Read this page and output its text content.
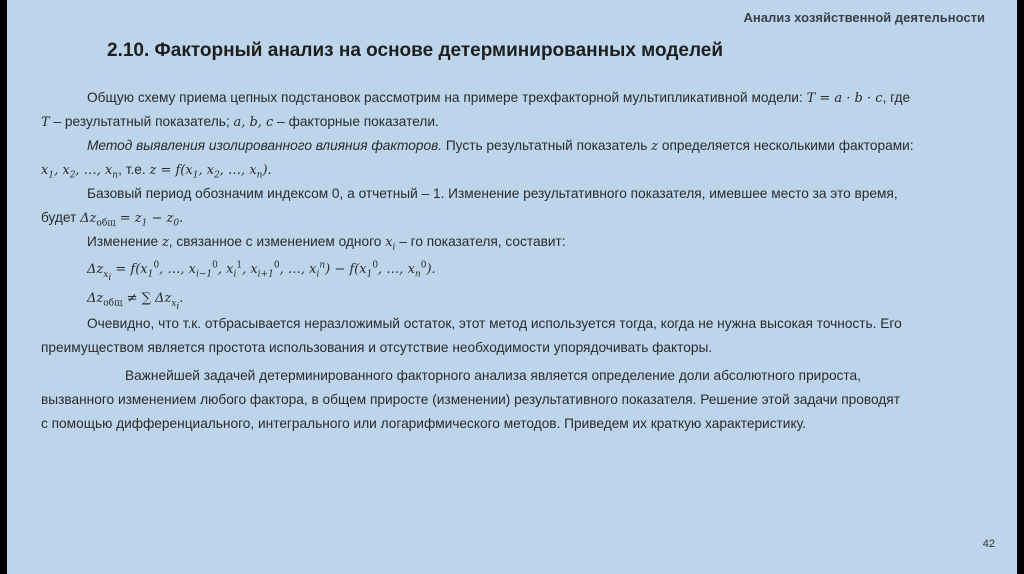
Анализ хозяйственной деятельности
2.10. Факторный анализ на основе детерминированных моделей
Общую схему приема цепных подстановок рассмотрим на примере трехфакторной мультипликативной модели: T = a · b · c, где
T – результатный показатель; a, b, c – факторные показатели.
Метод выявления изолированного влияния факторов. Пусть результатный показатель z определяется несколькими факторами:
$x_1$, $x_2$, …, $x_n$, т.е. $z = f(x_1$, $x_2$, …, $x_n$).
Базовый период обозначим индексом 0, а отчетный – 1. Изменение результативного показателя, имевшее место за это время,
будет $\Delta z_{общ} = z_1 - z_0$.
Изменение z, связанное с изменением одного $x_i$ – го показателя, составит:
$\Delta z_{x_i} = f(x_1^0$, …, $x_{i-1}^0$, $x_i^1$, $x_{i+1}^0$, …, $x_i^n) - f(x_1^0$, …, $x_n^0$).
$\Delta z_{общ}$ ≠ ∑ $\Delta z_{x_i}$.
Очевидно, что т.к. отбрасывается неразложимый остаток, этот метод используется тогда, когда не нужна высокая точность. Его
преимуществом является простота использования и отсутствие необходимости упорядочивать факторы.
Важнейшей задачей детерминированного факторного анализа является определение доли абсолютного прироста,
вызванного изменением любого фактора, в общем приросте (изменении) результативного показателя. Решение этой задачи проводят
с помощью дифференциального, интегрального или логарифмического методов. Приведем их краткую характеристику.
42
